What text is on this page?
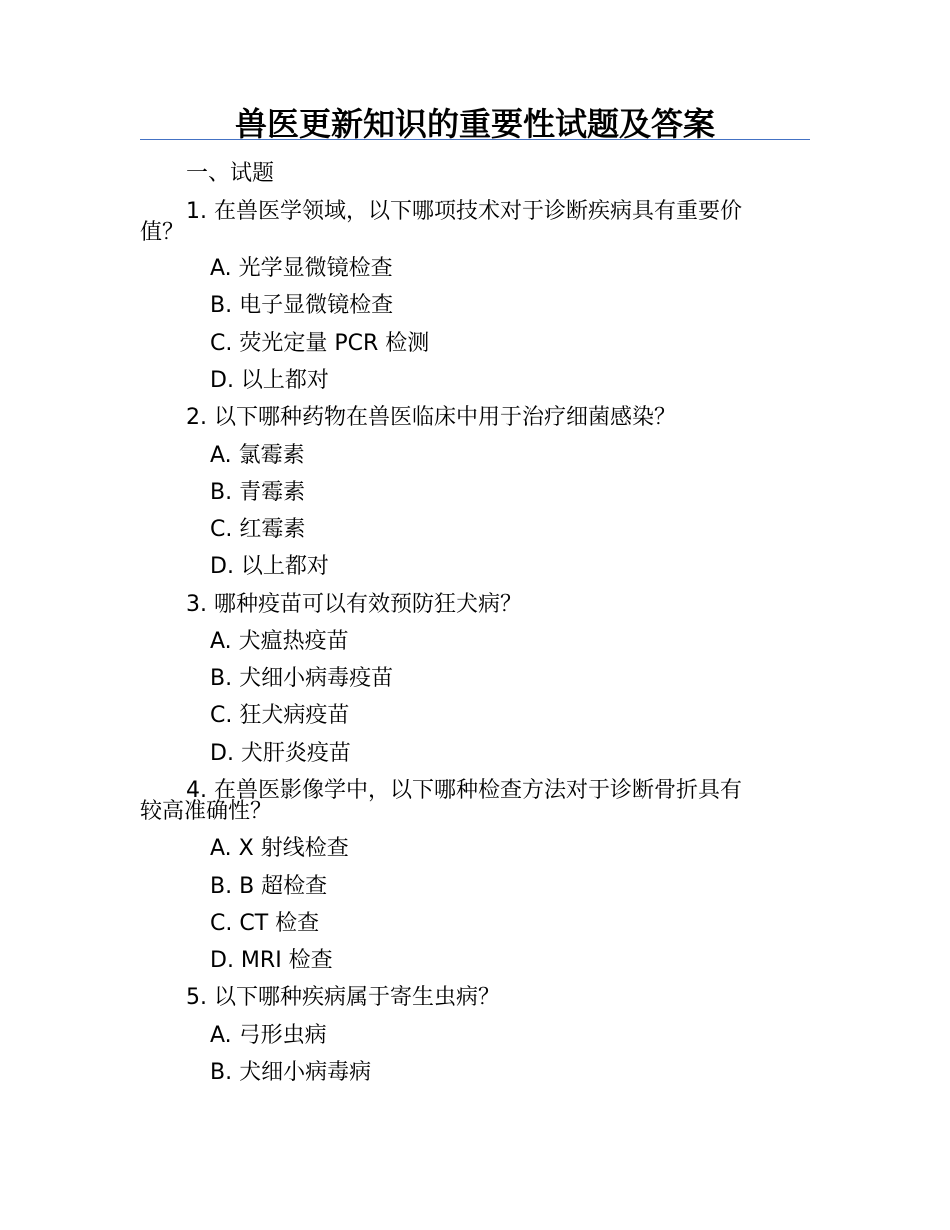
兽医更新知识的重要性试题及答案
一、试题
1. 在兽医学领域，以下哪项技术对于诊断疾病具有重要价
值？
A. 光学显微镜检查
B. 电子显微镜检查
C. 荧光定量 PCR 检测
D. 以上都对
2. 以下哪种药物在兽医临床中用于治疗细菌感染？
A. 氯霉素
B. 青霉素
C. 红霉素
D. 以上都对
3. 哪种疫苗可以有效预防狂犬病？
A. 犬瘟热疫苗
B. 犬细小病毒疫苗
C. 狂犬病疫苗
D. 犬肝炎疫苗
4. 在兽医影像学中，以下哪种检查方法对于诊断骨折具有
较高准确性？
A. X 射线检查
B. B 超检查
C. CT 检查
D. MRI 检查
5. 以下哪种疾病属于寄生虫病？
A. 弓形虫病
B. 犬细小病毒病
